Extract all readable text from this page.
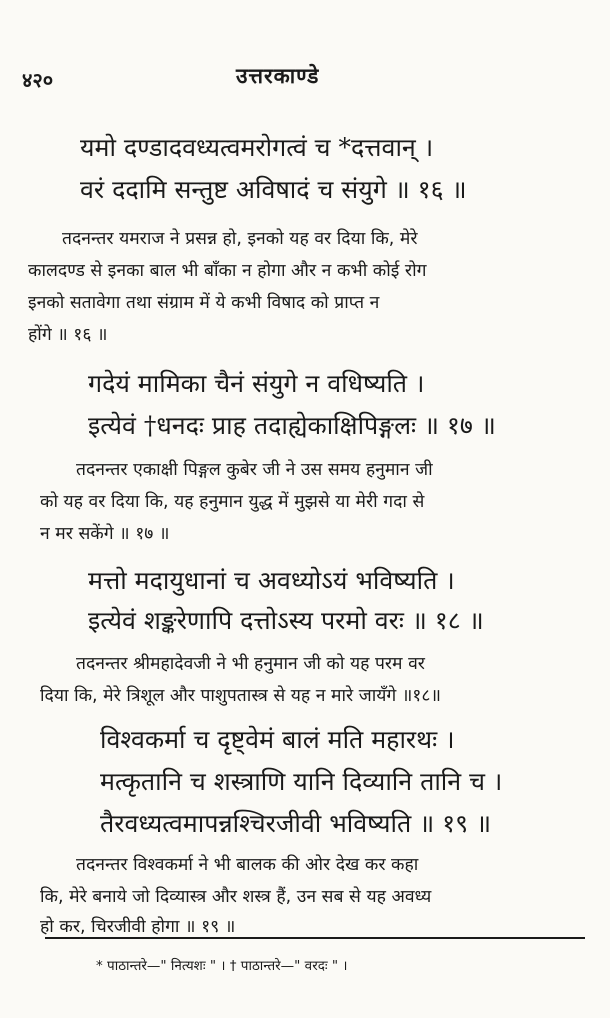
४२०	उत्तरकाण्डे
यमो दण्डादवध्यत्वमरोगत्वं च *दत्तवान् ।
वरं ददामि सन्तुष्ट अविषादं च संयुगे ॥ १६ ॥
तदनन्तर यमराज ने प्रसन्न हो, इनको यह वर दिया कि, मेरे
कालदण्ड से इनका बाल भी बाँका न होगा और न कभी कोई रोग
इनको सतावेगा तथा संग्राम में ये कभी विषाद को प्राप्त न
होंगे ॥ १६ ॥
गदेयं मामिका चैनं संयुगे न वधिष्यति ।
इत्येवं †धनदः प्राह तदाह्येकाक्षिपिङ्गलः ॥ १७ ॥
तदनन्तर एकाक्षी पिङ्गल कुबेर जी ने उस समय हनुमान जी
को यह वर दिया कि, यह हनुमान युद्ध में मुझसे या मेरी गदा से
न मर सकेंगे ॥ १७ ॥
मत्तो मदायुधानां च अवध्योऽयं भविष्यति ।
इत्येवं शङ्करेणापि दत्तोऽस्य परमो वरः ॥ १८ ॥
तदनन्तर श्रीमहादेवजी ने भी हनुमान जी को यह परम वर
दिया कि, मेरे त्रिशूल और पाशुपतास्त्र से यह न मारे जायँगे ॥१८॥
विश्वकर्मा च दृष्ट्वेमं बालं मति महारथः ।
मत्कृतानि च शस्त्राणि यानि दिव्यानि तानि च ।
तैरवध्यत्वमापन्नश्चिरजीवी भविष्यति ॥ १९ ॥
तदनन्तर विश्वकर्मा ने भी बालक की ओर देख कर कहा
कि, मेरे बनाये जो दिव्यास्त्र और शस्त्र हैं, उन सब से यह अवध्य
हो कर, चिरजीवी होगा ॥ १९ ॥
* पाठान्तरे—" नित्यशः " । † पाठान्तरे—" वरदः " ।
